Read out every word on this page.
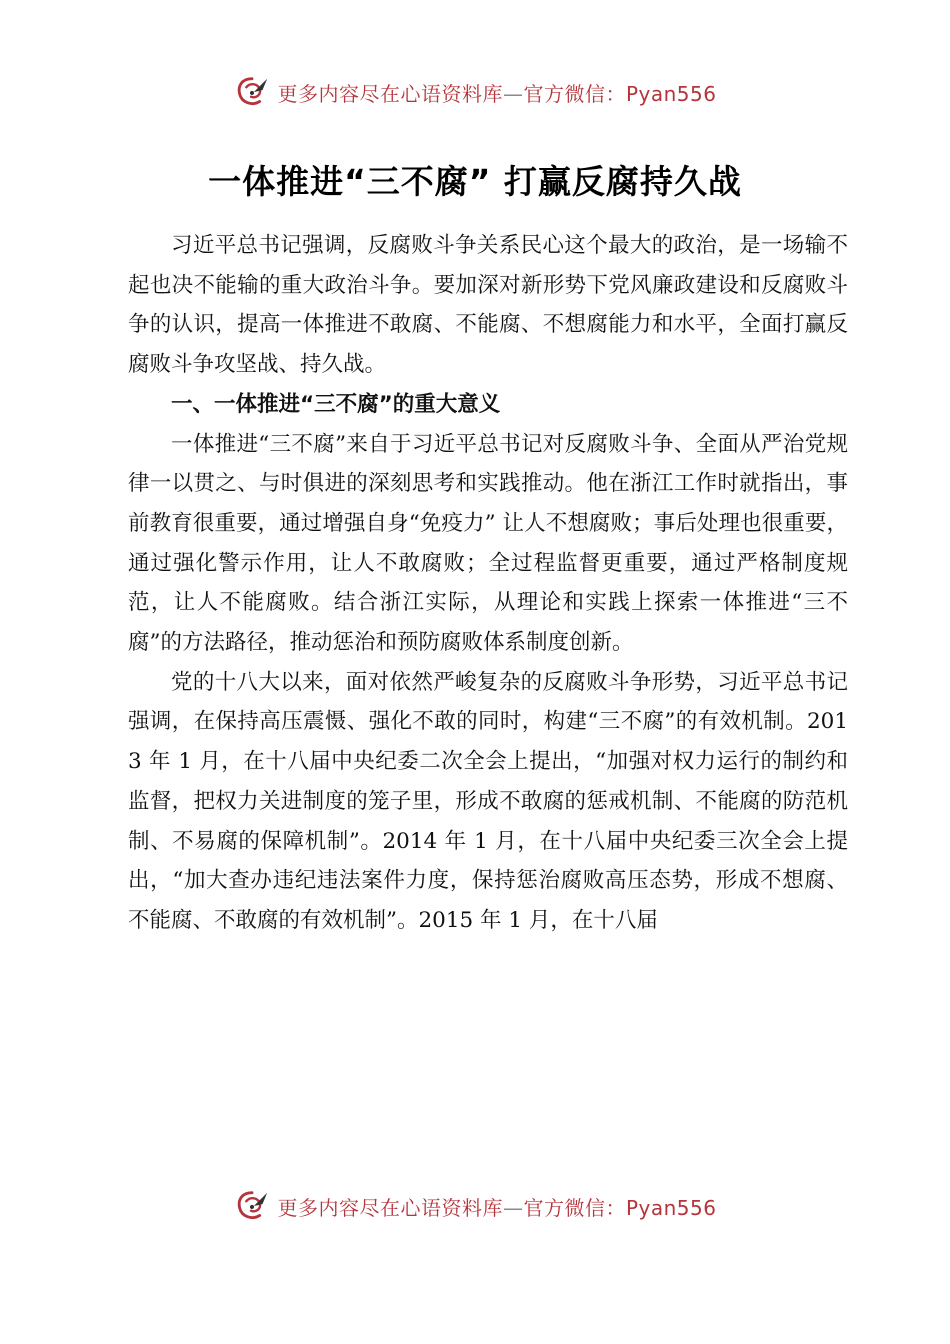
更多内容尽在心语资料库—官方微信：Pyan556
一体推进“三不腐” 打赢反腐持久战

习近平总书记强调，反腐败斗争关系民心这个最大的政治，是一场输不起也决不能输的重大政治斗争。要加深对新形势下党风廉政建设和反腐败斗争的认识，提高一体推进不敢腐、不能腐、不想腐能力和水平，全面打赢反腐败斗争攻坚战、持久战。

一、一体推进“三不腐”的重大意义

一体推进“三不腐”来自于习近平总书记对反腐败斗争、全面从严治党规律一以贯之、与时俱进的深刻思考和实践推动。他在浙江工作时就指出，事前教育很重要，通过增强自身“免疫力” 让人不想腐败；事后处理也很重要，通过强化警示作用，让人不敢腐败；全过程监督更重要，通过严格制度规范，让人不能腐败。结合浙江实际，从理论和实践上探索一体推进“三不腐”的方法路径，推动惩治和预防腐败体系制度创新。

党的十八大以来，面对依然严峻复杂的反腐败斗争形势，习近平总书记强调，在保持高压震慑、强化不敢的同时，构建“三不腐”的有效机制。2013 年 1 月，在十八届中央纪委二次全会上提出，“加强对权力运行的制约和监督，把权力关进制度的笼子里，形成不敢腐的惩戒机制、不能腐的防范机制、不易腐的保障机制”。2014 年 1 月，在十八届中央纪委三次全会上提出，“加大查办违纪违法案件力度，保持惩治腐败高压态势，形成不想腐、不能腐、不敢腐的有效机制”。2015 年 1 月，在十八届

更多内容尽在心语资料库—官方微信：Pyan556
